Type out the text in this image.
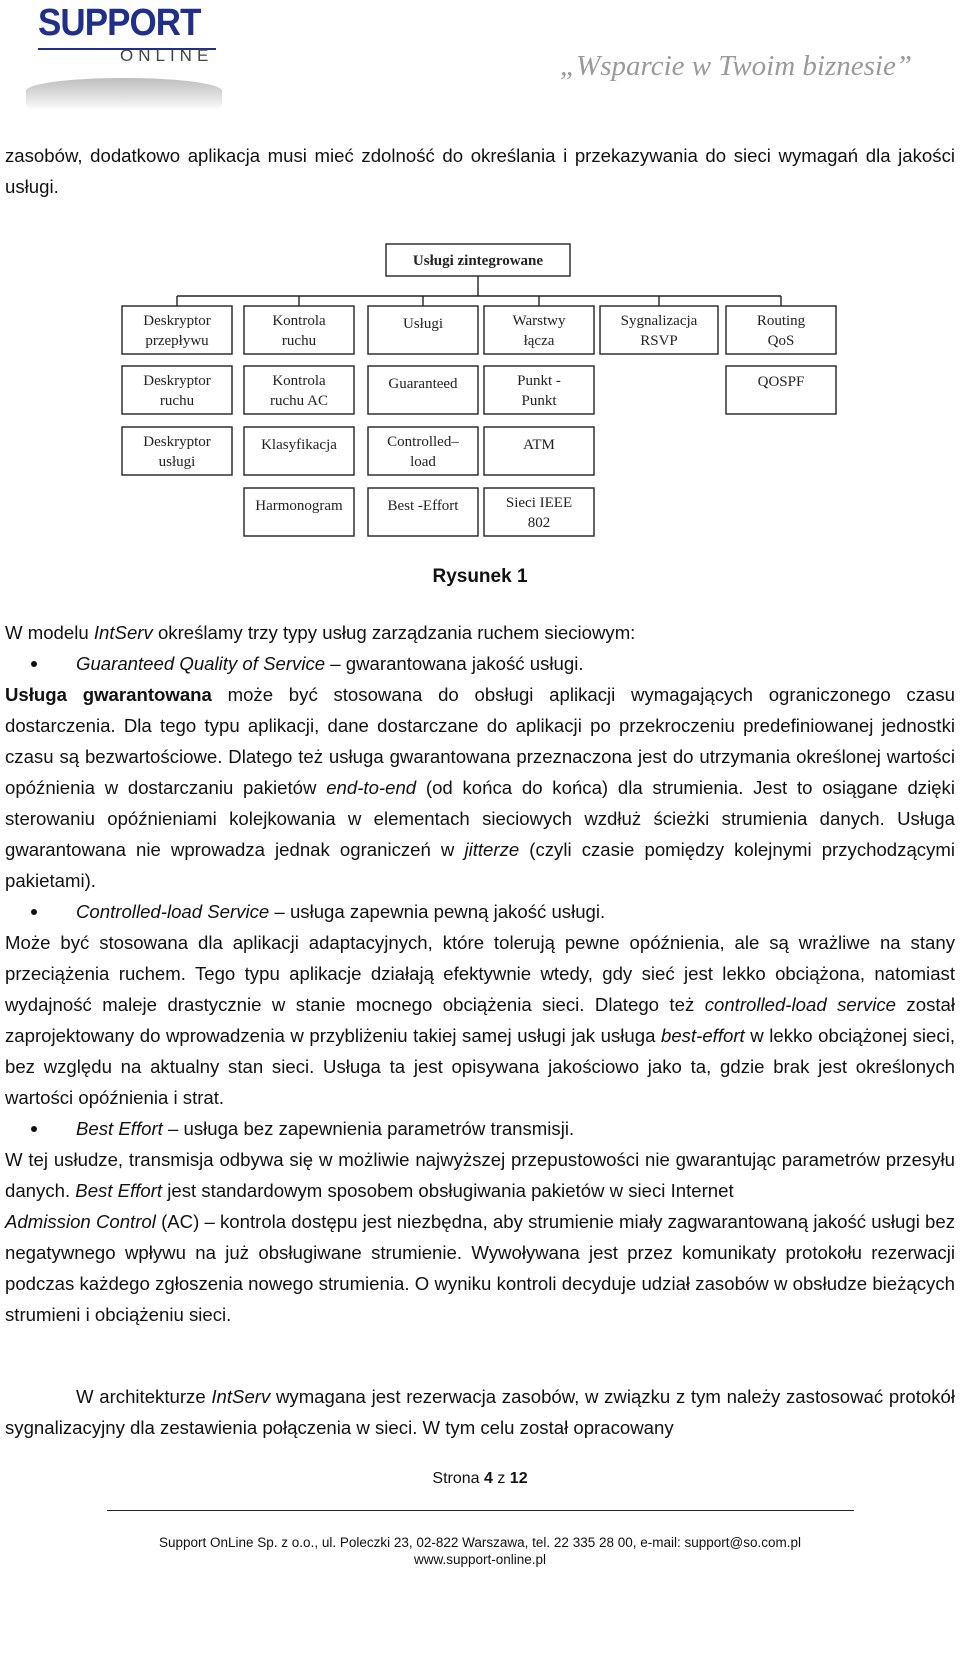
SUPPORT
ONLINE	„Wsparcie w Twoim biznesie”

zasobów, dodatkowo aplikacja musi mieć zdolność do określania i przekazywania do sieci wymagań dla jakości usługi.

Usługi zintegrowane
Deskryptor
przepływu
Deskryptor
ruchu
Deskryptor
usługi
Kontrola
ruchu
Kontrola
ruchu AC
Klasyfikacja
Harmonogram
Usługi
Guaranteed
Controlled–
load
Best -Effort
Warstwy
łącza
Punkt -
Punkt
ATM
Sieci IEEE
802
Sygnalizacja
RSVP
Routing
QoS
QOSPF
Rysunek 1

W modelu IntServ określamy trzy typy usług zarządzania ruchem sieciowym:

Guaranteed Quality of Service – gwarantowana jakość usługi.

Usługa gwarantowana może być stosowana do obsługi aplikacji wymagających ograniczonego czasu dostarczenia. Dla tego typu aplikacji, dane dostarczane do aplikacji po przekroczeniu predefiniowanej jednostki czasu są bezwartościowe. Dlatego też usługa gwarantowana przeznaczona jest do utrzymania określonej wartości opóźnienia w dostarczaniu pakietów end-to-end (od końca do końca) dla strumienia. Jest to osiągane dzięki sterowaniu opóźnieniami kolejkowania w elementach sieciowych wzdłuż ścieżki strumienia danych. Usługa gwarantowana nie wprowadza jednak ograniczeń w jitterze (czyli czasie pomiędzy kolejnymi przychodzącymi pakietami).

Controlled-load Service – usługa zapewnia pewną jakość usługi.

Może być stosowana dla aplikacji adaptacyjnych, które tolerują pewne opóźnienia, ale są wrażliwe na stany przeciążenia ruchem. Tego typu aplikacje działają efektywnie wtedy, gdy sieć jest lekko obciążona, natomiast wydajność maleje drastycznie w stanie mocnego obciążenia sieci. Dlatego też controlled-load service został zaprojektowany do wprowadzenia w przybliżeniu takiej samej usługi jak usługa best-effort w lekko obciążonej sieci, bez względu na aktualny stan sieci. Usługa ta jest opisywana jakościowo jako ta, gdzie brak jest określonych wartości opóźnienia i strat.

Best Effort – usługa bez zapewnienia parametrów transmisji.

W tej usłudze, transmisja odbywa się w możliwie najwyższej przepustowości nie gwarantując parametrów przesyłu danych. Best Effort jest standardowym sposobem obsługiwania pakietów w sieci Internet

Admission Control (AC) – kontrola dostępu jest niezbędna, aby strumienie miały zagwarantowaną jakość usługi bez negatywnego wpływu na już obsługiwane strumienie. Wywoływana jest przez komunikaty protokołu rezerwacji podczas każdego zgłoszenia nowego strumienia. O wyniku kontroli decyduje udział zasobów w obsłudze bieżących strumieni i obciążeniu sieci.

W architekturze IntServ wymagana jest rezerwacja zasobów, w związku z tym należy zastosować protokół sygnalizacyjny dla zestawienia połączenia w sieci. W tym celu został opracowany

Strona 4 z 12
Support OnLine Sp. z o.o., ul. Poleczki 23, 02-822 Warszawa, tel. 22 335 28 00, e-mail: support@so.com.pl
www.support-online.pl
